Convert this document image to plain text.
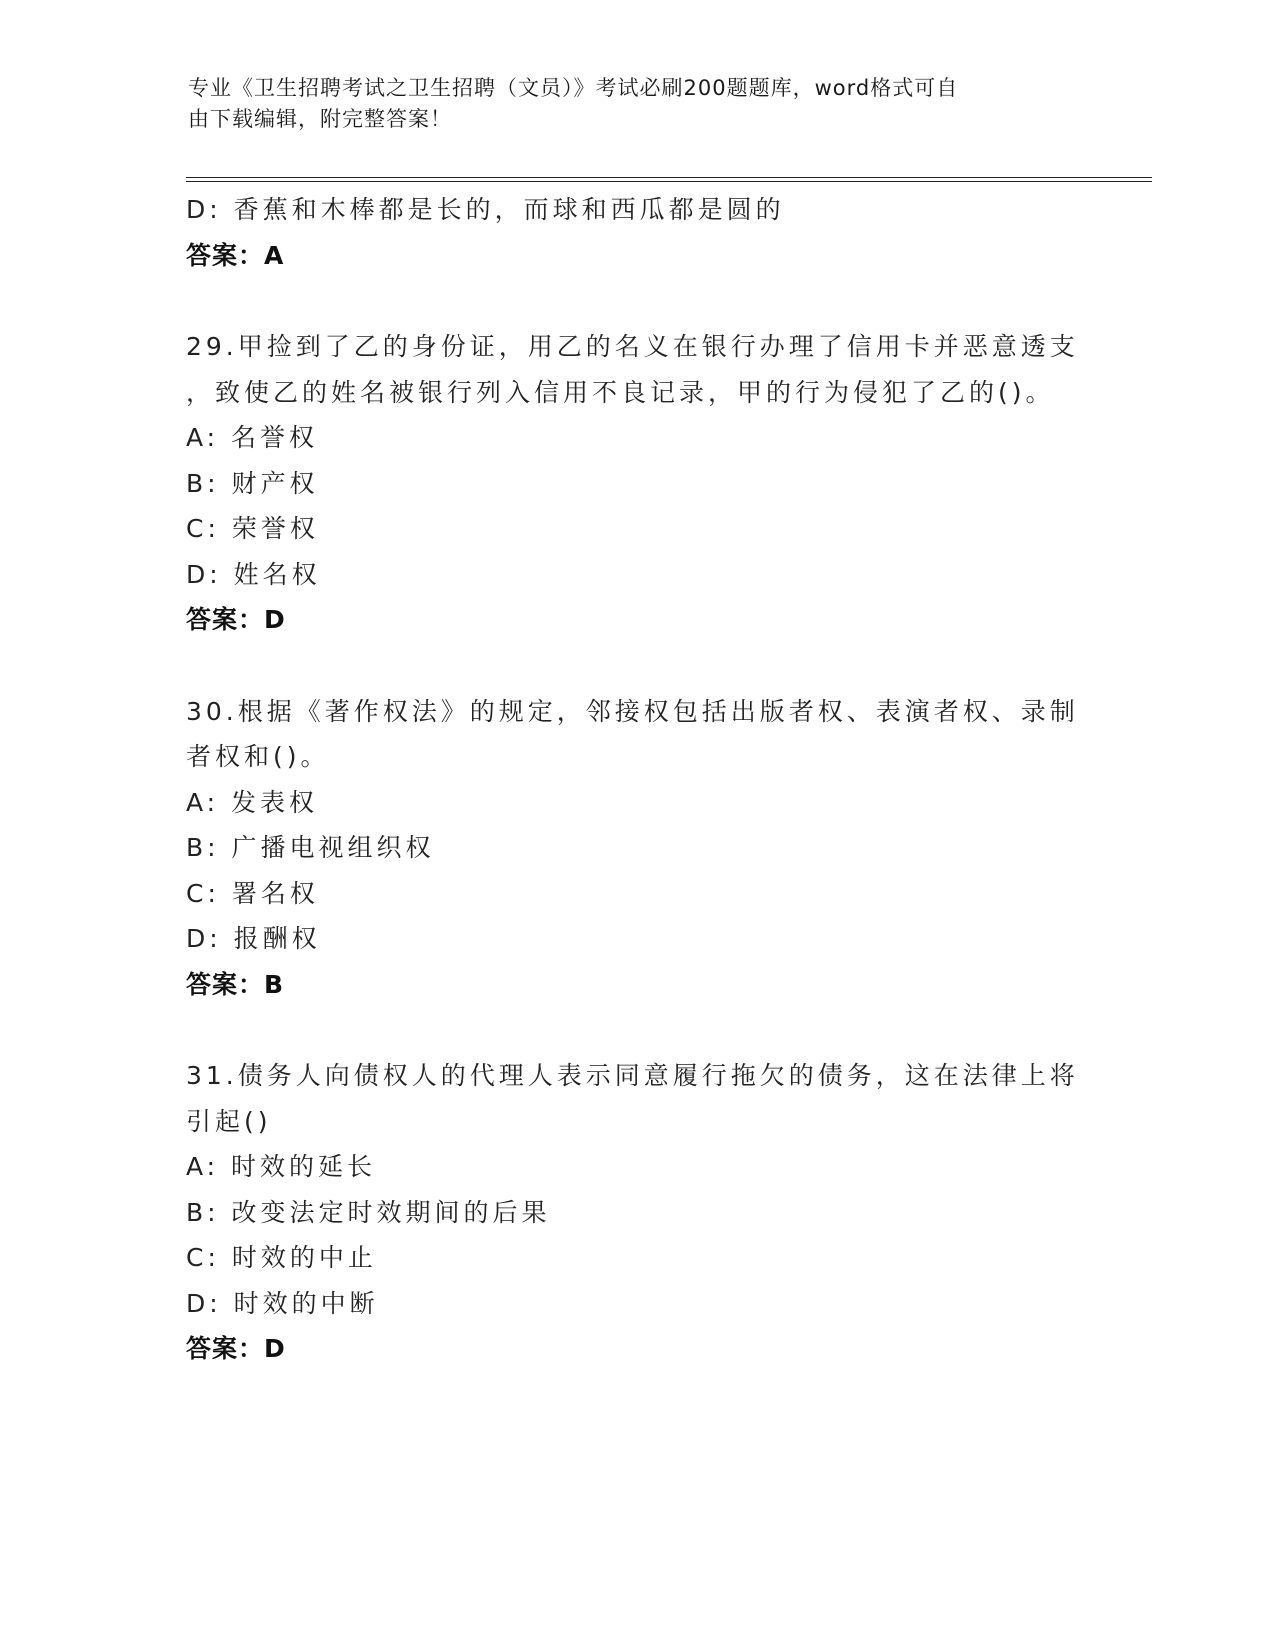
专业《卫生招聘考试之卫生招聘（文员）》考试必刷200题题库，word格式可自
由下载编辑，附完整答案！
D: 香蕉和木棒都是长的，而球和西瓜都是圆的
答案：A
29.甲捡到了乙的身份证，用乙的名义在银行办理了信用卡并恶意透支
，致使乙的姓名被银行列入信用不良记录，甲的行为侵犯了乙的()。
A: 名誉权
B: 财产权
C: 荣誉权
D: 姓名权
答案：D
30.根据《著作权法》的规定，邻接权包括出版者权、表演者权、录制
者权和()。
A: 发表权
B: 广播电视组织权
C: 署名权
D: 报酬权
答案：B
31.债务人向债权人的代理人表示同意履行拖欠的债务，这在法律上将
引起()
A: 时效的延长
B: 改变法定时效期间的后果
C: 时效的中止
D: 时效的中断
答案：D
